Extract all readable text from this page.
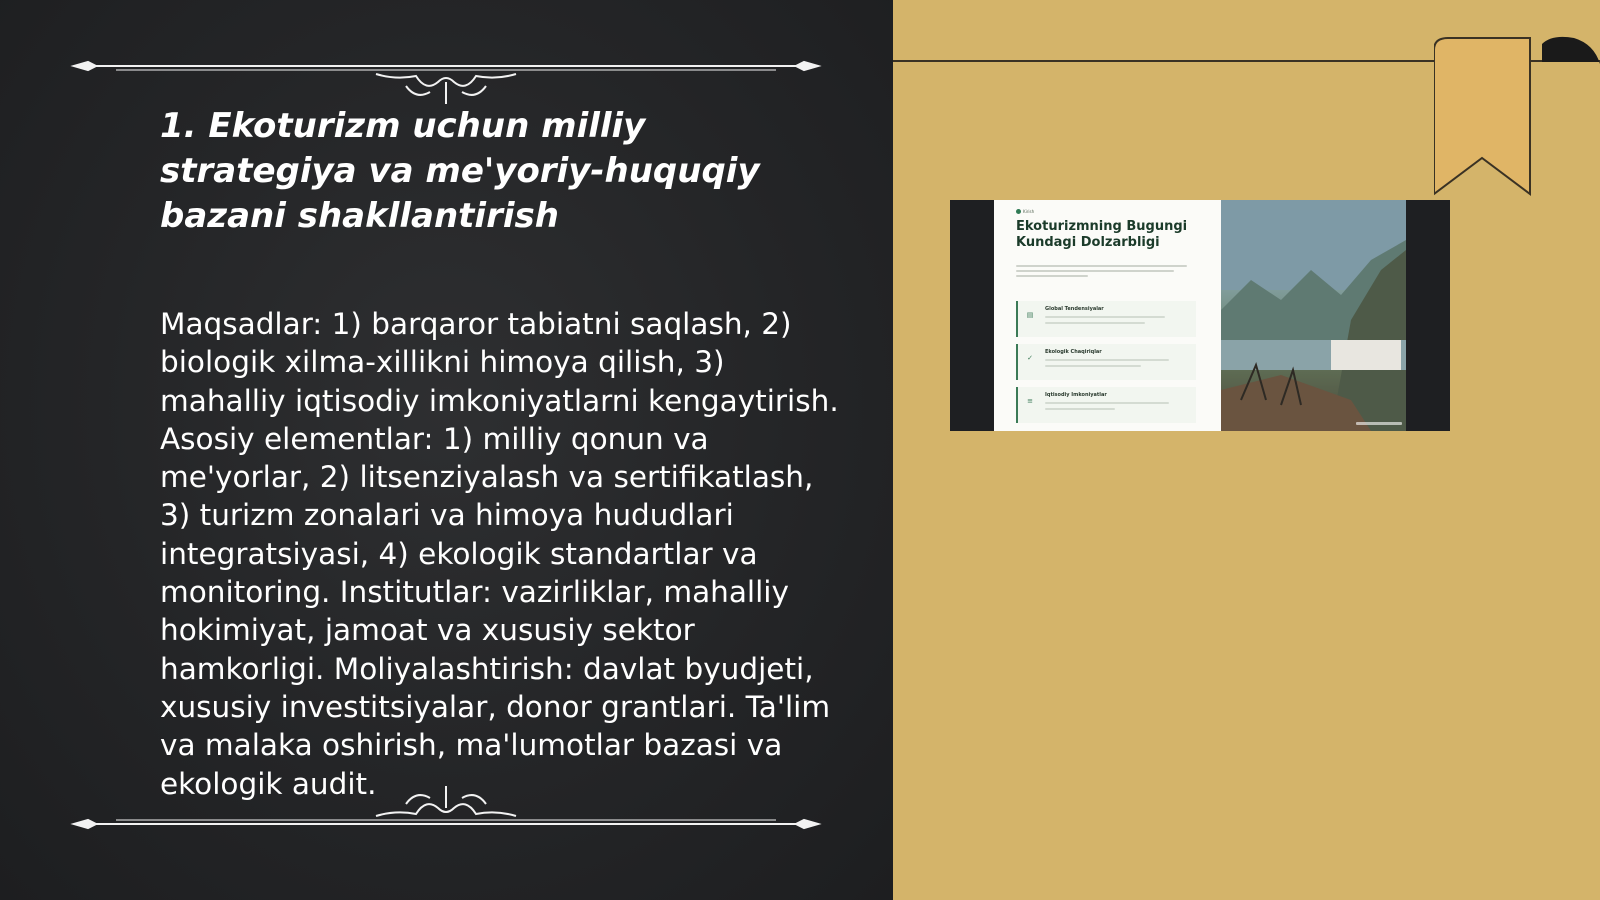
1. Ekoturizm uchun milliy strategiya va me'yoriy-huquqiy bazani shakllantirish
Maqsadlar: 1) barqaror tabiatni saqlash, 2) biologik xilma-xillikni himoya qilish, 3) mahalliy iqtisodiy imkoniyatlarni kengaytirish. Asosiy elementlar: 1) milliy qonun va me'yorlar, 2) litsenziyalash va sertifikatlash, 3) turizm zonalari va himoya hududlari integratsiyasi, 4) ekologik standartlar va monitoring. Institutlar: vazirliklar, mahalliy hokimiyat, jamoat va xususiy sektor hamkorligi. Moliyalashtirish: davlat byudjeti, xususiy investitsiyalar, donor grantlari. Ta'lim va malaka oshirish, ma'lumotlar bazasi va ekologik audit.
Kirish
Ekoturizmning Bugungi Kundagi Dolzarbligi
▤
Global Tendensiyalar
✓
Ekologik Chaqiriqlar
≡
Iqtisodiy Imkoniyatlar
